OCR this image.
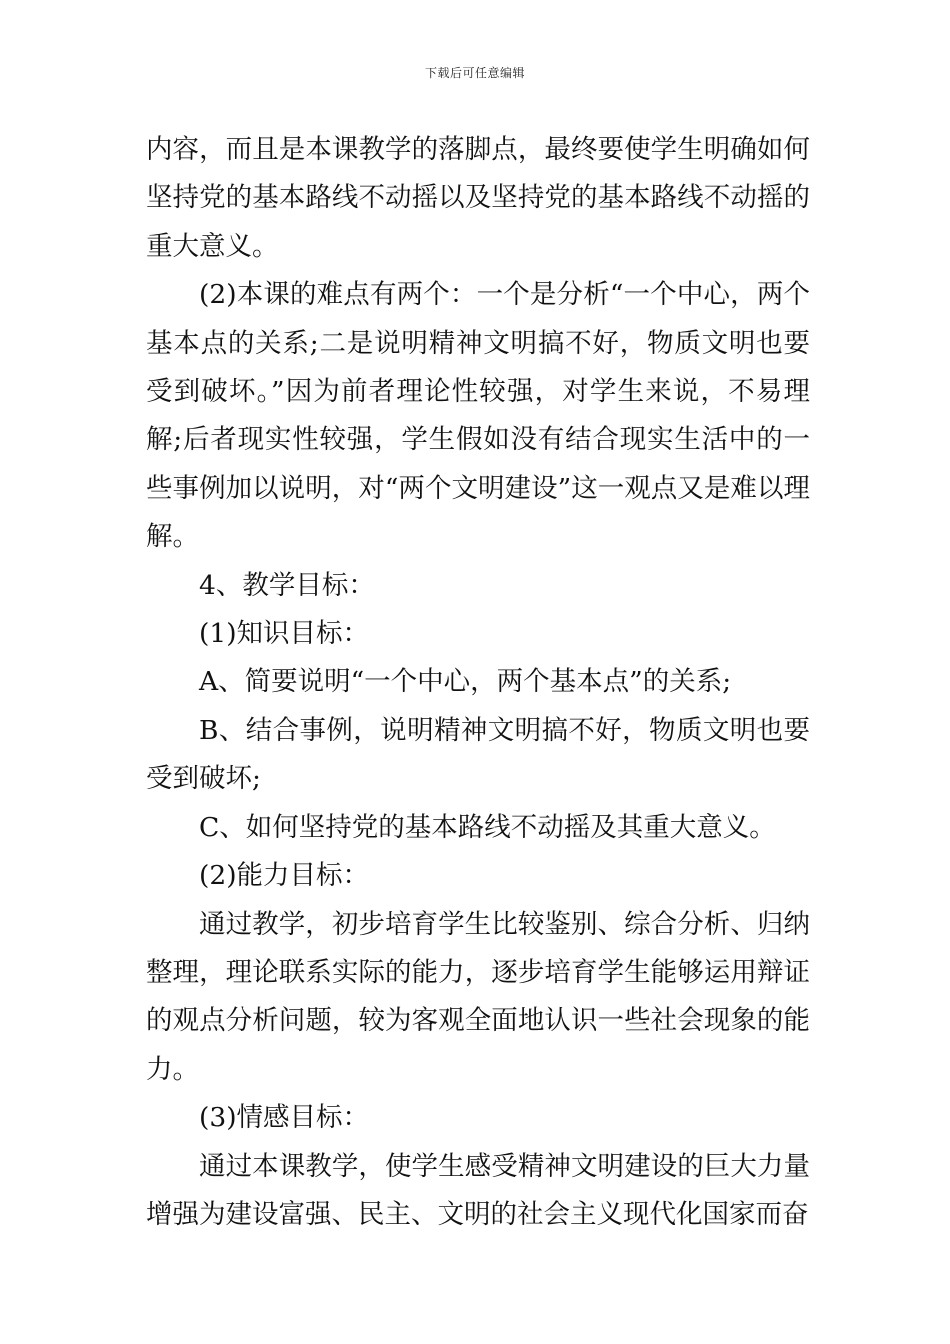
下载后可任意编辑

内容，而且是本课教学的落脚点，最终要使学生明确如何坚持党的基本路线不动摇以及坚持党的基本路线不动摇的重大意义。

(2)本课的难点有两个：一个是分析“一个中心，两个基本点的关系;二是说明精神文明搞不好，物质文明也要受到破坏。”因为前者理论性较强，对学生来说，不易理解;后者现实性较强，学生假如没有结合现实生活中的一些事例加以说明，对“两个文明建设”这一观点又是难以理解。

4、教学目标：

(1)知识目标：

A、简要说明“一个中心，两个基本点”的关系;

B、结合事例，说明精神文明搞不好，物质文明也要受到破坏;

C、如何坚持党的基本路线不动摇及其重大意义。

(2)能力目标：

通过教学，初步培育学生比较鉴别、综合分析、归纳整理，理论联系实际的能力，逐步培育学生能够运用辩证的观点分析问题，较为客观全面地认识一些社会现象的能力。

(3)情感目标：

通过本课教学，使学生感受精神文明建设的巨大力量增强为建设富强、民主、文明的社会主义现代化国家而奋
